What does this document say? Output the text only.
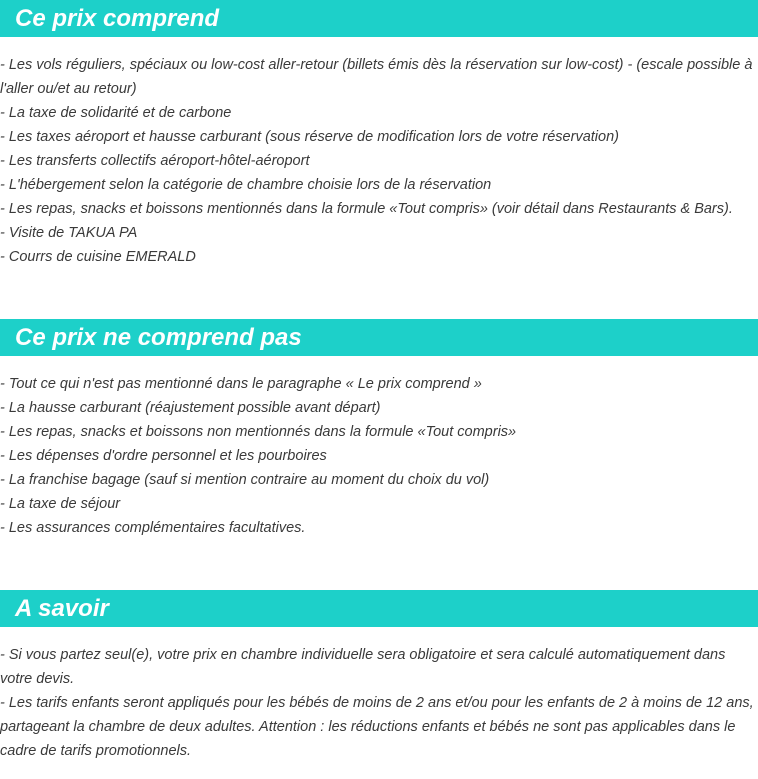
Ce prix comprend

- Les vols réguliers, spéciaux ou low-cost aller-retour (billets émis dès la réservation sur low-cost) - (escale possible à l'aller ou/et au retour)

- La taxe de solidarité et de carbone

- Les taxes aéroport et hausse carburant (sous réserve de modification lors de votre réservation)

- Les transferts collectifs aéroport-hôtel-aéroport

- L'hébergement selon la catégorie de chambre choisie lors de la réservation

- Les repas, snacks et boissons mentionnés dans la formule «Tout compris» (voir détail dans Restaurants & Bars).

- Visite de TAKUA PA

- Courrs de cuisine EMERALD

Ce prix ne comprend pas

- Tout ce qui n'est pas mentionné dans le paragraphe « Le prix comprend »

- La hausse carburant (réajustement possible avant départ)

- Les repas, snacks et boissons non mentionnés dans la formule «Tout compris»

- Les dépenses d'ordre personnel et les pourboires

- La franchise bagage (sauf si mention contraire au moment du choix du vol)

- La taxe de séjour

- Les assurances complémentaires facultatives.

A savoir

- Si vous partez seul(e), votre prix en chambre individuelle sera obligatoire et sera calculé automatiquement dans votre devis.

- Les tarifs enfants seront appliqués pour les bébés de moins de 2 ans et/ou pour les enfants de 2 à moins de 12 ans, partageant la chambre de deux adultes. Attention : les réductions enfants et bébés ne sont pas applicables dans le cadre de tarifs promotionnels.
